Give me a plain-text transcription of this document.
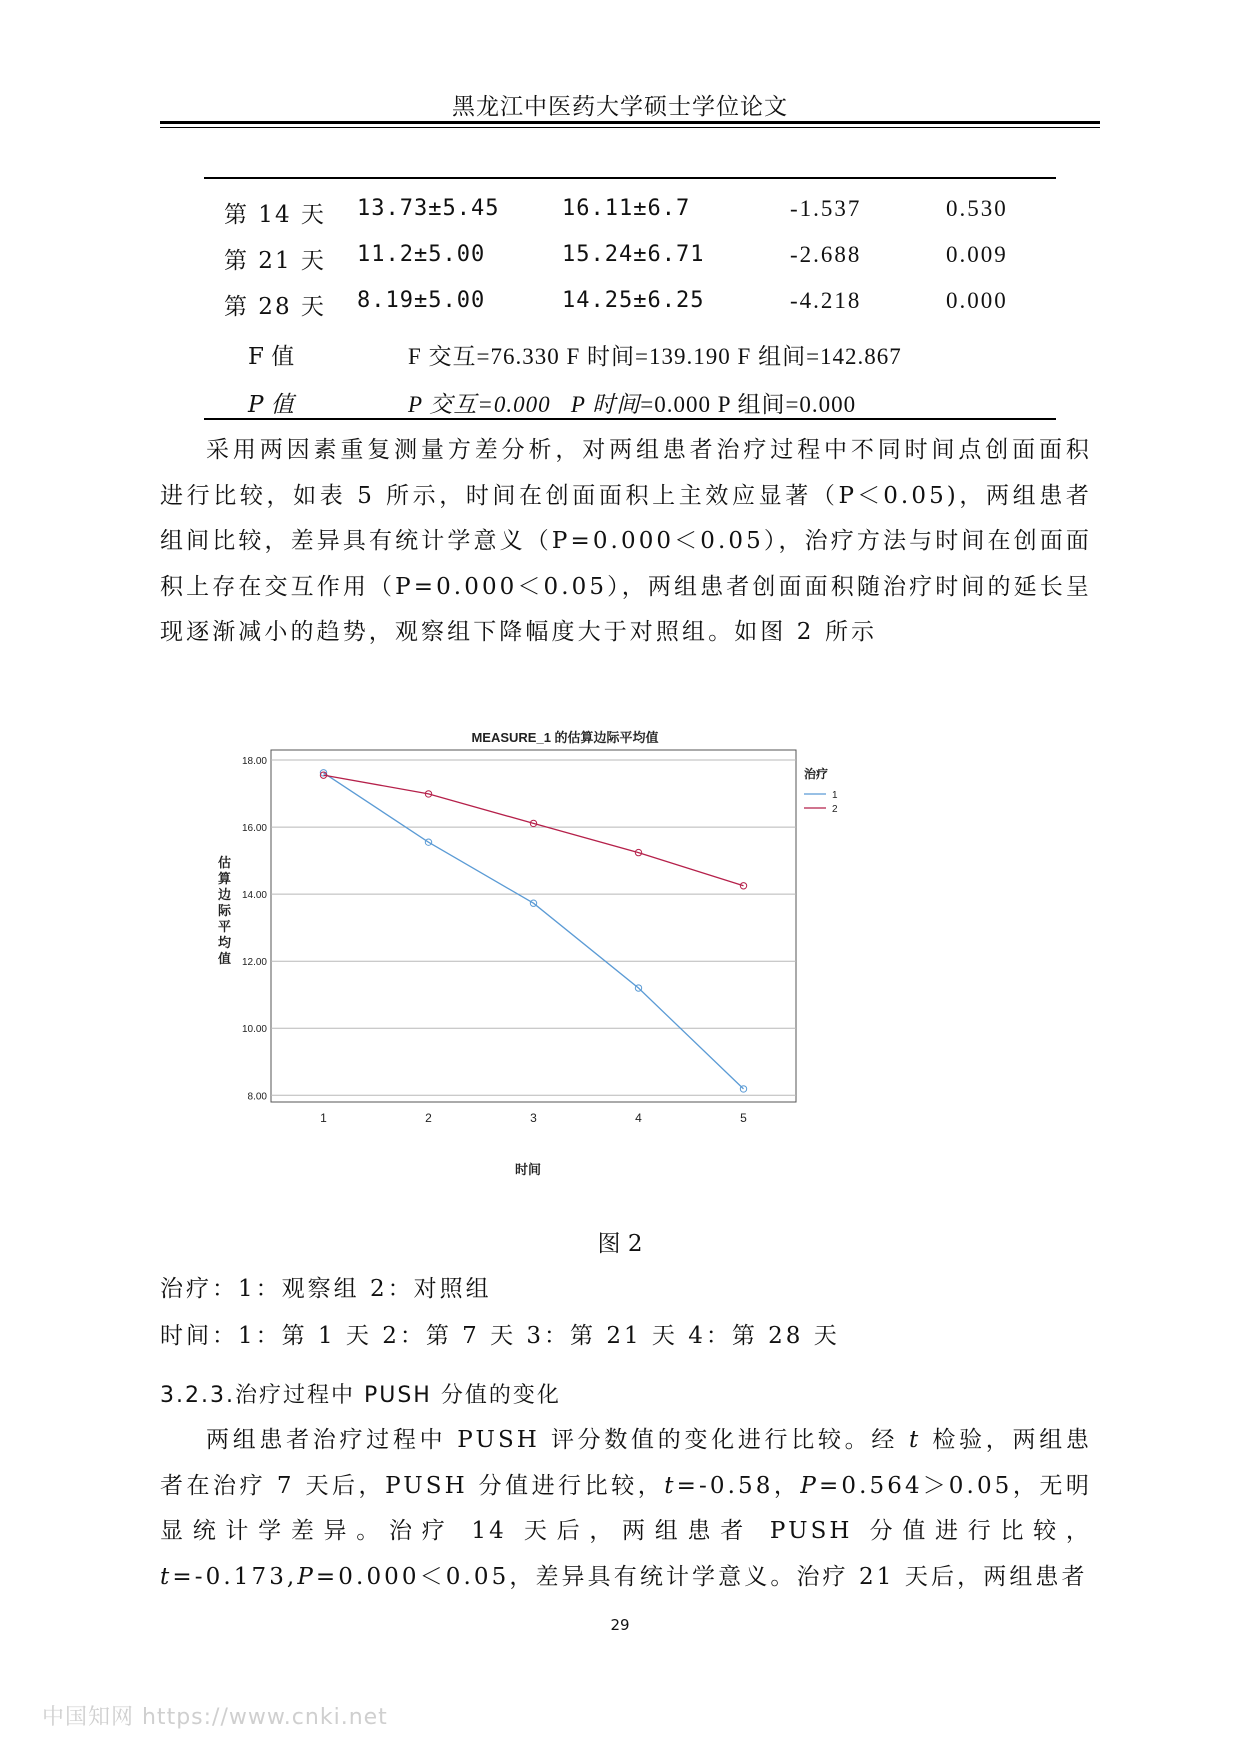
黑龙江中医药大学硕士学位论文
第 14 天 13.73±5.45	16.11±6.7	-1.537	0.530
第 21 天 11.2±5.00	15.24±6.71	-2.688	0.009
第 28 天 8.19±5.00	14.25±6.25	-4.218	0.000
F 值	F 交互=76.330 F 时间=139.190 F 组间=142.867
P 值	P 交互=0.000 P 时间=0.000 P 组间=0.000

采用两因素重复测量方差分析，对两组患者治疗过程中不同时间点创面面积进行比较，如表 5 所示，时间在创面面积上主效应显著（P＜0.05)，两组患者组间比较，差异具有统计学意义（P=0.000＜0.05），治疗方法与时间在创面面积上存在交互作用（P=0.000＜0.05），两组患者创面面积随治疗时间的延长呈现逐渐减小的趋势，观察组下降幅度大于对照组。如图 2 所示

MEASURE_1 的估算边际平均值
8.00
10.00
12.00
14.00
16.00
18.00
1	2	3	4	5
估算边际平均值
时间
治疗
1
2
图 2
治疗：1：观察组 2：对照组
时间：1：第 1 天 2：第 7 天 3：第 21 天 4：第 28 天
3.2.3.治疗过程中 PUSH 分值的变化

两组患者治疗过程中 PUSH 评分数值的变化进行比较。经 t 检验，两组患者在治疗 7 天后，PUSH 分值进行比较，t=-0.58，P=0.564＞0.05，无明显统计学差异。治疗 14 天后，两组患者 PUSH 分值进行比较，t=-0.173,P=0.000＜0.05，差异具有统计学意义。治疗 21 天后，两组患者

29
中国知网 https://www.cnki.net
